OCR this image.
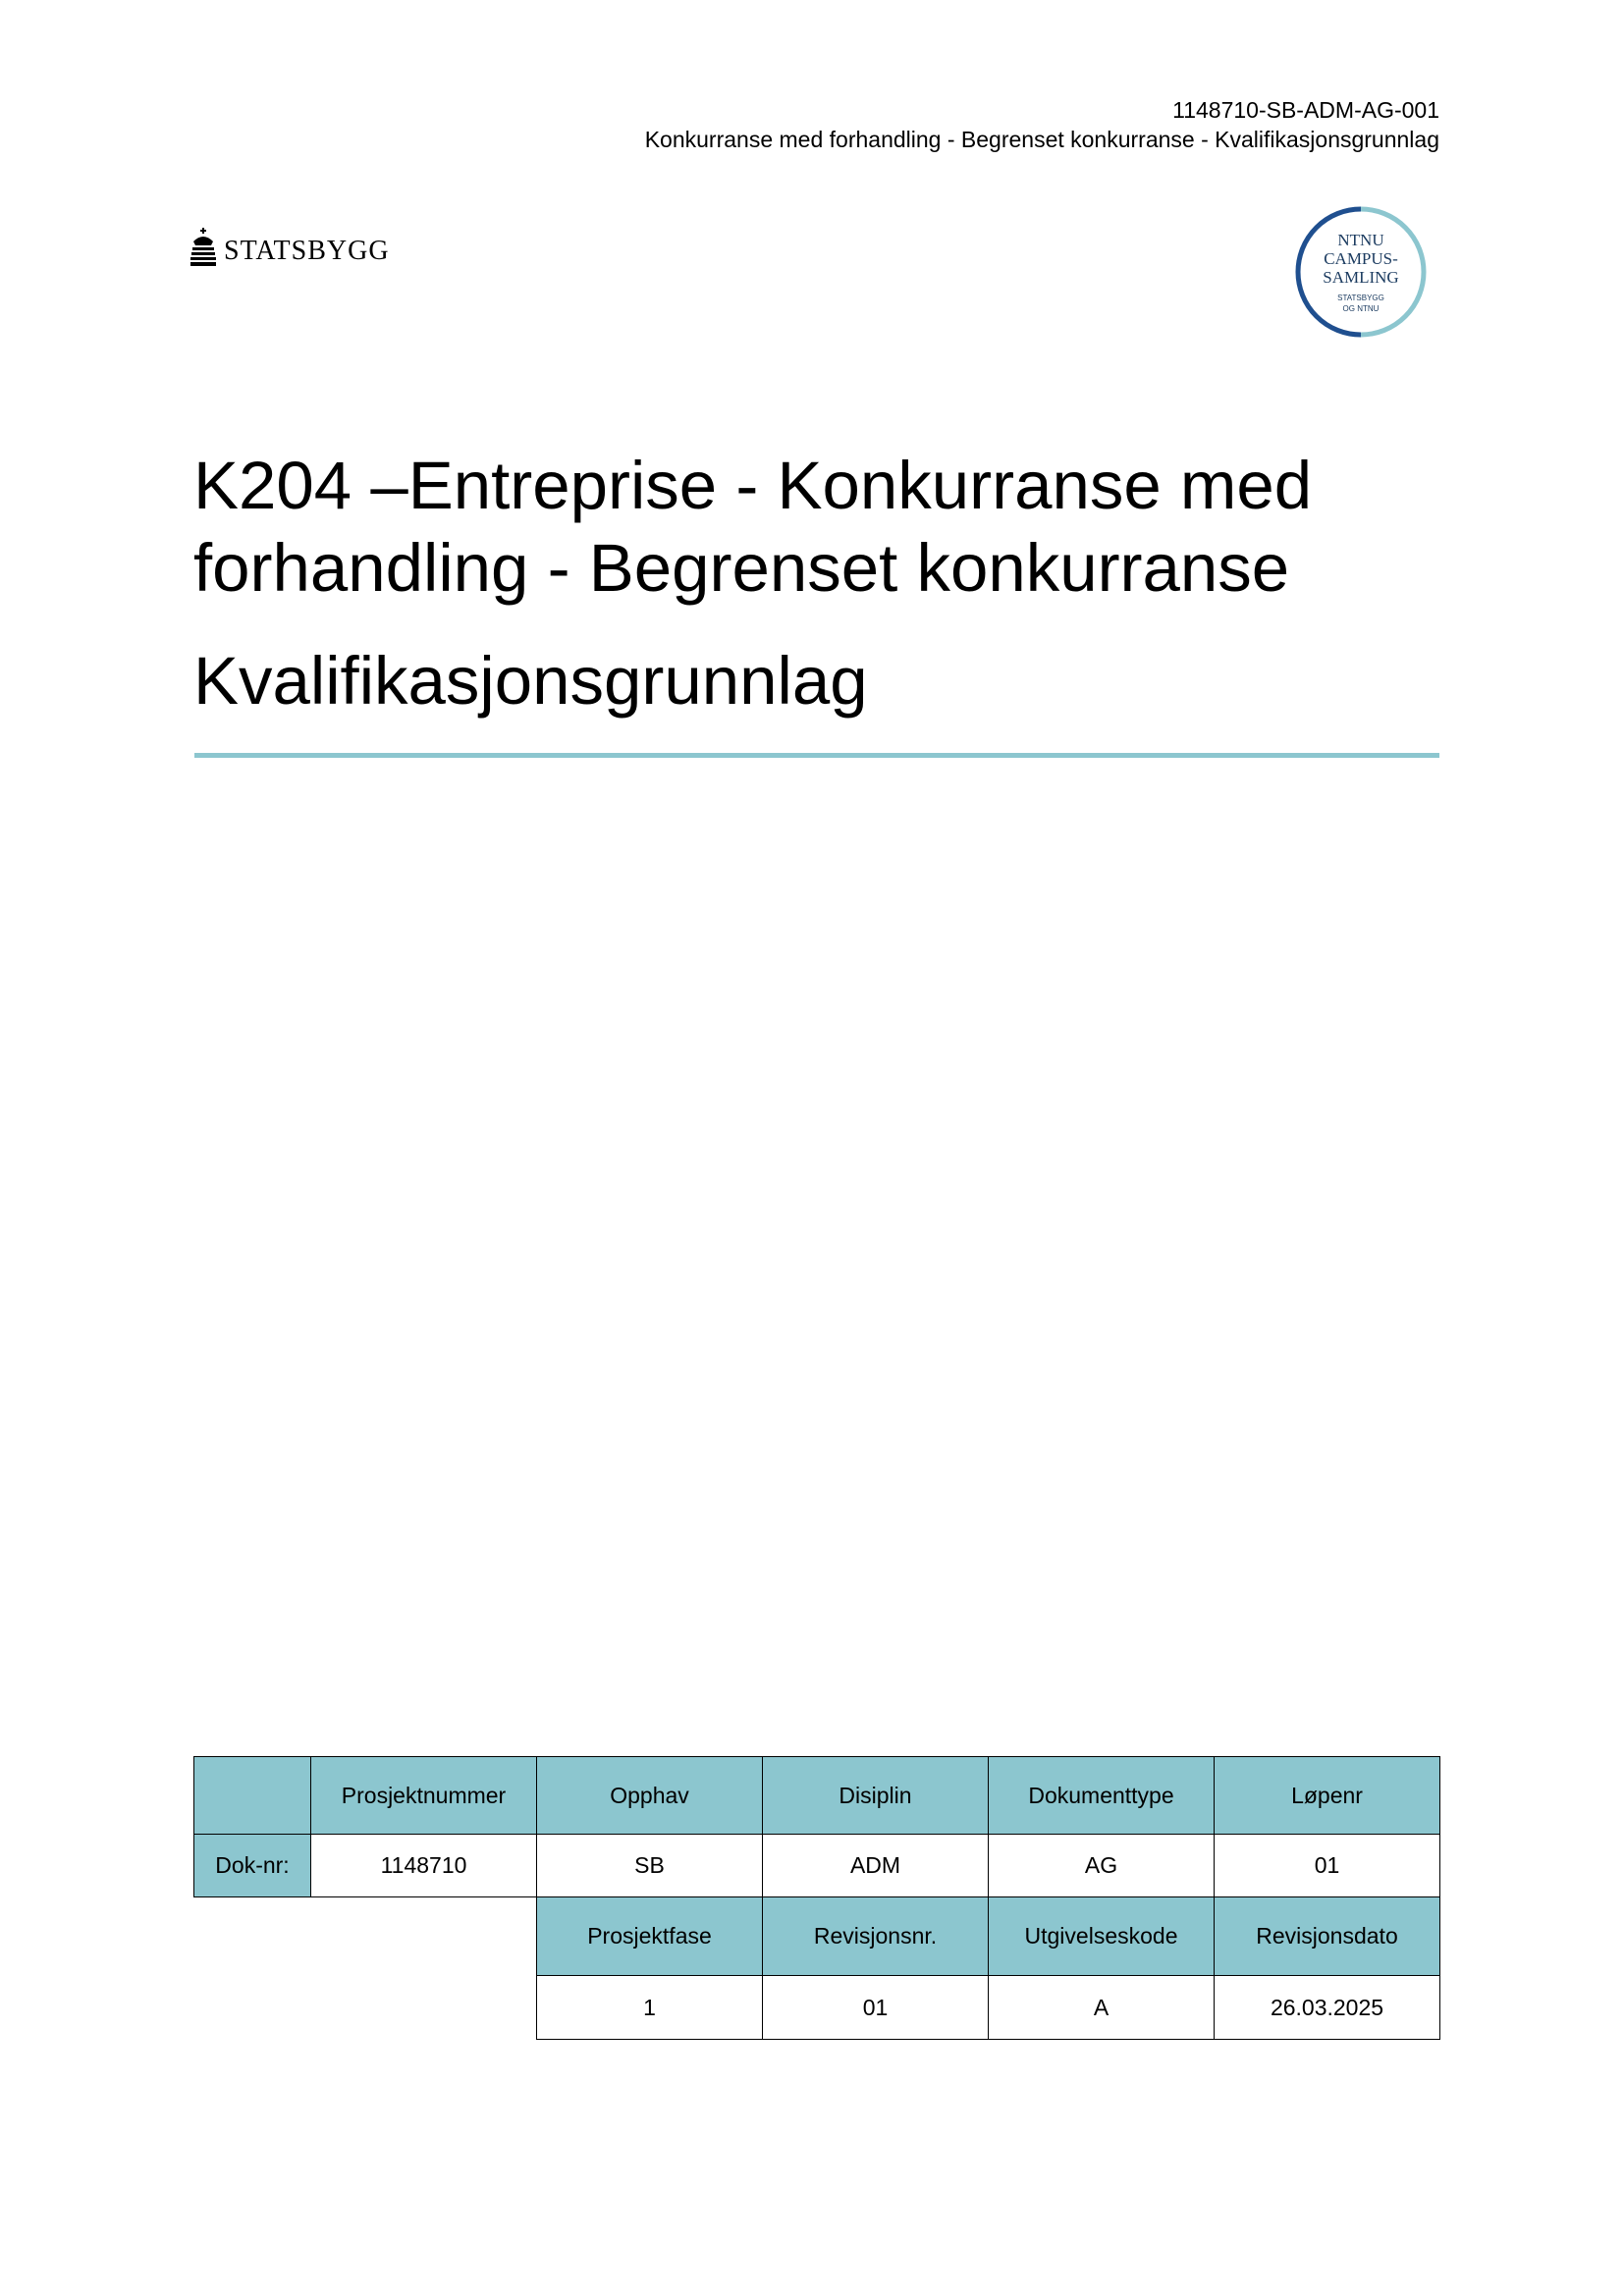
1148710-SB-ADM-AG-001
Konkurranse med forhandling - Begrenset konkurranse - Kvalifikasjonsgrunnlag
STATSBYGG	NTNU
CAMPUS-
SAMLING
STATSBYGG
OG NTNU
K204 –Entreprise - Konkurranse med
forhandling - Begrenset konkurranse
Kvalifikasjonsgrunnlag
	Prosjektnummer	Opphav	Disiplin	Dokumenttype	Løpenr
Dok-nr:	1148710	SB	ADM	AG	01
		Prosjektfase	Revisjonsnr.	Utgivelseskode	Revisjonsdato
		1	01	A	26.03.2025
